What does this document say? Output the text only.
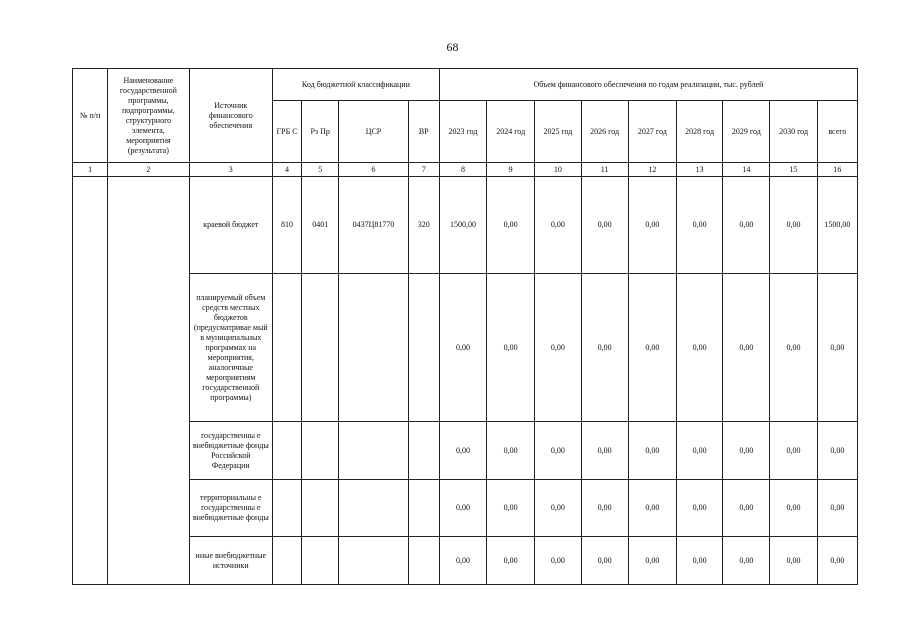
68
№ п/п	Наименование государственной программы, подпрограммы, структурного элемента, мероприятия (результата)	Источник финансового обеспечения	Код бюджетной классификации				Объем финансового обеспечения по годам реализации, тыс. рублей								
			ГРБ С	Рз Пр	ЦСР	ВР	2023 год	2024 год	2025 год	2026 год	2027 год	2028 год	2029 год	2030 год	всего
1	2	3	4	5	6	7	8	9	10	11	12	13	14	15	16
		краевой бюджет	810	0401	0437Ц81770	320	1500,00	0,00	0,00	0,00	0,00	0,00	0,00	0,00	1500,00
		планируемый объем средств местных бюджетов (предусматривае мый в муниципальных программах на мероприятия, аналогичные мероприятиям государственной программы)					0,00	0,00	0,00	0,00	0,00	0,00	0,00	0,00	0,00
		государственны е внебюджетные фонды Российской Федерации					0,00	0,00	0,00	0,00	0,00	0,00	0,00	0,00	0,00
		территориальны е государственны е внебюджетные фонды					0,00	0,00	0,00	0,00	0,00	0,00	0,00	0,00	0,00
		иные внебюджетные источники					0,00	0,00	0,00	0,00	0,00	0,00	0,00	0,00	0,00
